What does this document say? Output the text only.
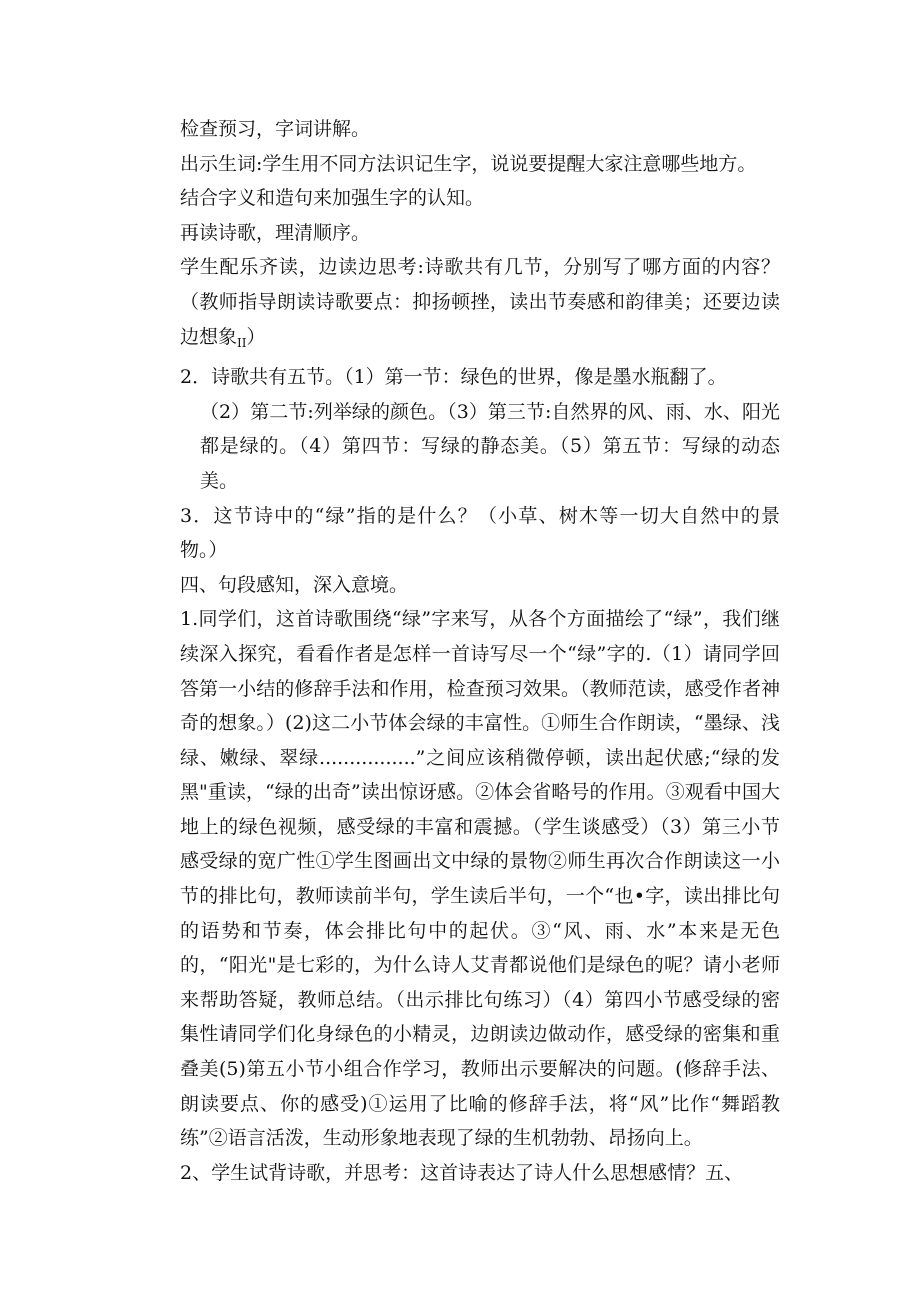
检查预习，字词讲解。

出示生词:学生用不同方法识记生字，说说要提醒大家注意哪些地方。

结合字义和造句来加强生字的认知。

再读诗歌，理清顺序。

学生配乐齐读，边读边思考:诗歌共有几节，分别写了哪方面的内容？（教师指导朗读诗歌要点：抑扬顿挫，读出节奏感和韵律美；还要边读边想象$_{II}$）

2．诗歌共有五节。（1）第一节：绿色的世界，像是墨水瓶翻了。

（2）第二节:列举绿的颜色。（3）第三节:自然界的风、雨、水、阳光都是绿的。（4）第四节：写绿的静态美。（5）第五节：写绿的动态美。

3．这节诗中的“绿”指的是什么？（小草、树木等一切大自然中的景物。）

四、句段感知，深入意境。

1.同学们，这首诗歌围绕“绿”字来写，从各个方面描绘了“绿”，我们继续深入探究，看看作者是怎样一首诗写尽一个“绿”字的.（1）请同学回答第一小结的修辞手法和作用，检查预习效果。（教师范读，感受作者神奇的想象。）(2)这二小节体会绿的丰富性。①师生合作朗读，“墨绿、浅绿、嫩绿、翠绿................”之间应该稍微停顿，读出起伏感;“绿的发黑"重读，“绿的出奇”读出惊讶感。②体会省略号的作用。③观看中国大地上的绿色视频，感受绿的丰富和震撼。（学生谈感受）（3）第三小节感受绿的宽广性①学生图画出文中绿的景物②师生再次合作朗读这一小节的排比句，教师读前半句，学生读后半句，一个“也•字，读出排比句的语势和节奏，体会排比句中的起伏。③“风、雨、水”本来是无色的，“阳光"是七彩的，为什么诗人艾青都说他们是绿色的呢？请小老师来帮助答疑，教师总结。（出示排比句练习）（4）第四小节感受绿的密集性请同学们化身绿色的小精灵，边朗读边做动作，感受绿的密集和重叠美(5)第五小节小组合作学习，教师出示要解决的问题。(修辞手法、朗读要点、你的感受)①运用了比喻的修辞手法，将“风”比作“舞蹈教练”②语言活泼，生动形象地表现了绿的生机勃勃、昂扬向上。

2、学生试背诗歌，并思考：这首诗表达了诗人什么思想感情？五、
